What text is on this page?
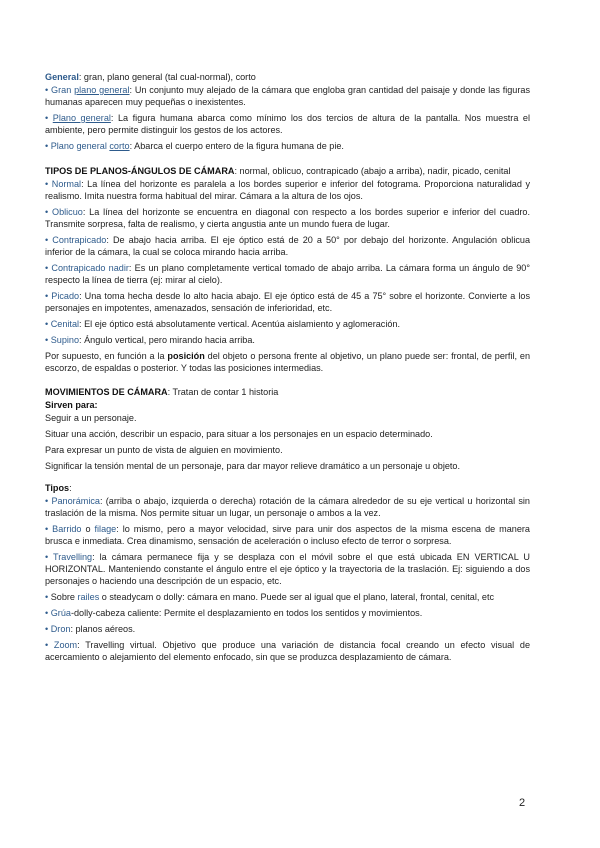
General: gran, plano general (tal cual-normal), corto

• Gran plano general: Un conjunto muy alejado de la cámara que engloba gran cantidad del paisaje y donde las figuras humanas aparecen muy pequeñas o inexistentes.

• Plano general: La figura humana abarca como mínimo los dos tercios de altura de la pantalla. Nos muestra el ambiente, pero permite distinguir los gestos de los actores.

• Plano general corto: Abarca el cuerpo entero de la figura humana de pie.

TIPOS DE PLANOS-ÁNGULOS DE CÁMARA: normal, oblicuo, contrapicado (abajo a arriba), nadir, picado, cenital

• Normal: La línea del horizonte es paralela a los bordes superior e inferior del fotograma. Proporciona naturalidad y realismo. Imita nuestra forma habitual del mirar. Cámara a la altura de los ojos.

• Oblicuo: La línea del horizonte se encuentra en diagonal con respecto a los bordes superior e inferior del cuadro. Transmite sorpresa, falta de realismo, y cierta angustia ante un mundo fuera de lugar.

• Contrapicado: De abajo hacia arriba. El eje óptico está de 20 a 50° por debajo del horizonte. Angulación oblicua inferior de la cámara, la cual se coloca mirando hacia arriba.

• Contrapicado nadir: Es un plano completamente vertical tomado de abajo arriba. La cámara forma un ángulo de 90° respecto la línea de tierra (ej: mirar al cielo).

• Picado: Una toma hecha desde lo alto hacia abajo. El eje óptico está de 45 a 75° sobre el horizonte. Convierte a los personajes en impotentes, amenazados, sensación de inferioridad, etc.

• Cenital: El eje óptico está absolutamente vertical. Acentúa aislamiento y aglomeración.

• Supino: Ángulo vertical, pero mirando hacia arriba.

Por supuesto, en función a la posición del objeto o persona frente al objetivo, un plano puede ser: frontal, de perfil, en escorzo, de espaldas o posterior. Y todas las posiciones intermedias.

MOVIMIENTOS DE CÁMARA: Tratan de contar 1 historia

Sirven para:

Seguir a un personaje.

Situar una acción, describir un espacio, para situar a los personajes en un espacio determinado.

Para expresar un punto de vista de alguien en movimiento.

Significar la tensión mental de un personaje, para dar mayor relieve dramático a un personaje u objeto.

Tipos:

• Panorámica: (arriba o abajo, izquierda o derecha) rotación de la cámara alrededor de su eje vertical u horizontal sin traslación de la misma. Nos permite situar un lugar, un personaje o ambos a la vez.

• Barrido o filage: lo mismo, pero a mayor velocidad, sirve para unir dos aspectos de la misma escena de manera brusca e inmediata. Crea dinamismo, sensación de aceleración o incluso efecto de terror o sorpresa.

• Travelling: la cámara permanece fija y se desplaza con el móvil sobre el que está ubicada EN VERTICAL U HORIZONTAL. Manteniendo constante el ángulo entre el eje óptico y la trayectoria de la traslación. Ej: siguiendo a dos personajes o haciendo una descripción de un espacio, etc.

• Sobre railes o steadycam o dolly: cámara en mano. Puede ser al igual que el plano, lateral, frontal, cenital, etc

• Grúa-dolly-cabeza caliente: Permite el desplazamiento en todos los sentidos y movimientos.

• Dron: planos aéreos.

• Zoom: Travelling virtual. Objetivo que produce una variación de distancia focal creando un efecto visual de acercamiento o alejamiento del elemento enfocado, sin que se produzca desplazamiento de cámara.

2
